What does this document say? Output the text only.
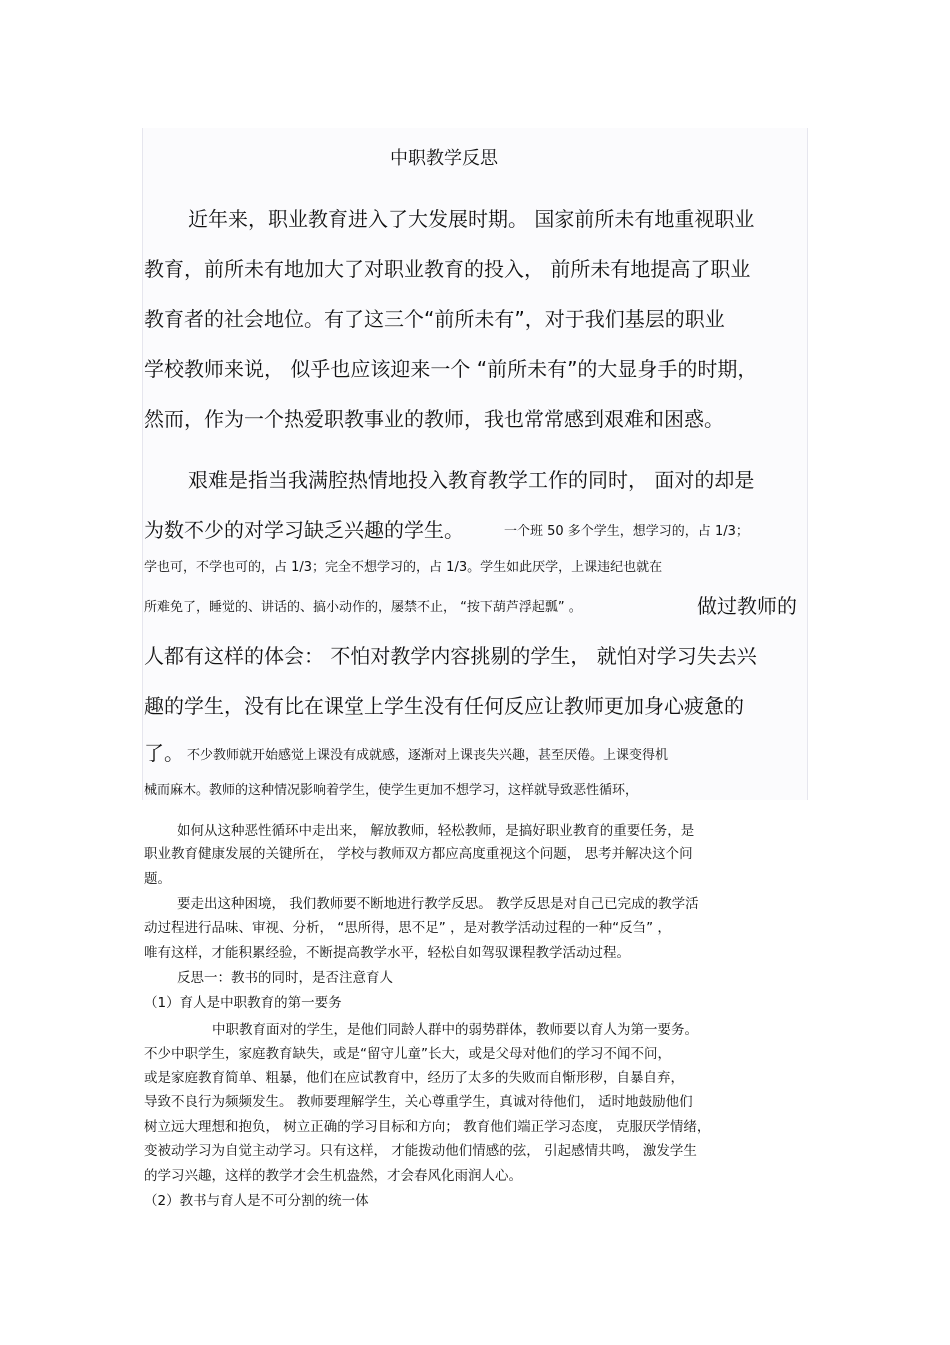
中职教学反思

近年来，职业教育进入了大发展时期。 国家前所未有地重视职业

教育，前所未有地加大了对职业教育的投入， 前所未有地提高了职业

教育者的社会地位。有了这三个“前所未有”，对于我们基层的职业

学校教师来说， 似乎也应该迎来一个 “前所未有”的大显身手的时期，

然而，作为一个热爱职教事业的教师，我也常常感到艰难和困惑。

艰难是指当我满腔热情地投入教育教学工作的同时， 面对的却是

为数不少的对学习缺乏兴趣的学生。	一个班 50 多个学生，想学习的，占 1/3；

学也可，不学也可的，占 1/3；完全不想学习的，占 1/3。学生如此厌学，上课违纪也就在

所难免了，睡觉的、讲话的、搞小动作的，屡禁不止， “按下葫芦浮起瓢” 。	做过教师的

人都有这样的体会： 不怕对教学内容挑剔的学生， 就怕对学习失去兴

趣的学生，没有比在课堂上学生没有任何反应让教师更加身心疲惫的

了。 不少教师就开始感觉上课没有成就感，逐渐对上课丧失兴趣，甚至厌倦。上课变得机

械而麻木。教师的这种情况影响着学生，使学生更加不想学习，这样就导致恶性循环，

如何从这种恶性循环中走出来， 解放教师，轻松教师，是搞好职业教育的重要任务，是

职业教育健康发展的关键所在， 学校与教师双方都应高度重视这个问题， 思考并解决这个问

题。

要走出这种困境， 我们教师要不断地进行教学反思。 教学反思是对自己已完成的教学活

动过程进行品味、审视、分析， “思所得，思不足” ，是对教学活动过程的一种“反刍” ，

唯有这样，才能积累经验，不断提高教学水平，轻松自如驾驭课程教学活动过程。

反思一：教书的同时，是否注意育人

（1）育人是中职教育的第一要务

中职教育面对的学生，是他们同龄人群中的弱势群体，教师要以育人为第一要务。

不少中职学生，家庭教育缺失，或是“留守儿童”长大，或是父母对他们的学习不闻不问，

或是家庭教育简单、粗暴，他们在应试教育中，经历了太多的失败而自惭形秽，自暴自弃，

导致不良行为频频发生。 教师要理解学生，关心尊重学生，真诚对待他们， 适时地鼓励他们

树立远大理想和抱负， 树立正确的学习目标和方向； 教育他们端正学习态度， 克服厌学情绪，

变被动学习为自觉主动学习。只有这样， 才能拨动他们情感的弦， 引起感情共鸣， 激发学生

的学习兴趣，这样的教学才会生机盎然，才会春风化雨润人心。

（2）教书与育人是不可分割的统一体
